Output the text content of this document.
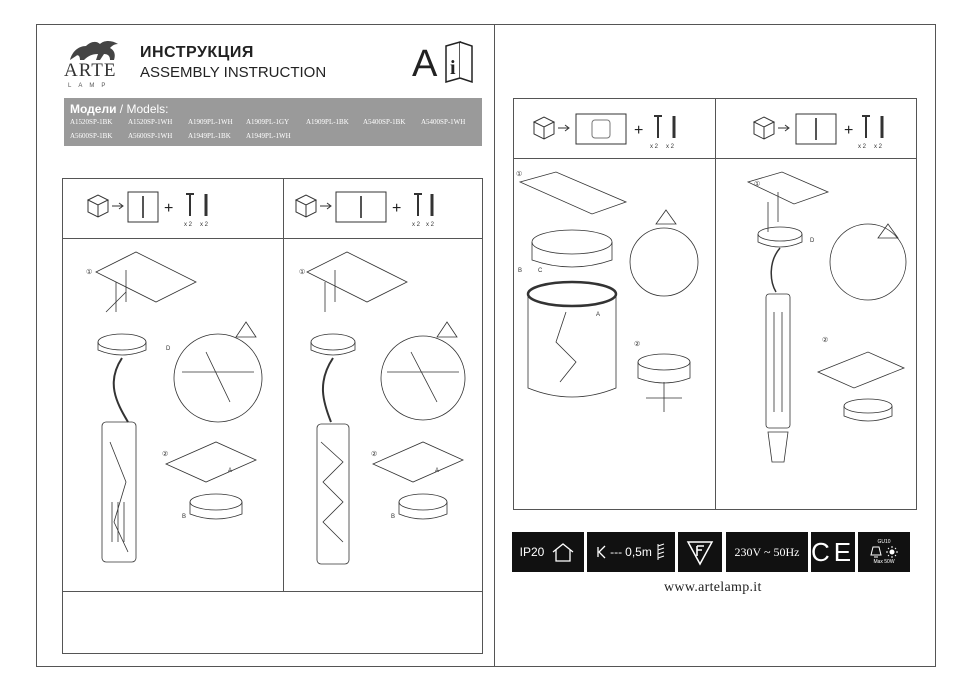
ARTE
LAMP
ИНСТРУКЦИЯ
ASSEMBLY INSTRUCTION A i
Модели / Models:
A1520SP-1BK A1520SP-1WH A1909PL-1WH A1909PL-1GY A1909PL-1BK A5400SP-1BK A5400SP-1WH
A5600SP-1BK A5600SP-1WH A1949PL-1BK A1949PL-1WH
+
x 2 x 2
+
x 2 x 2
+
x 2 x 2
+
x 2 x 2
①
②
D
A
B
①
②
A
B
①
②
B	C
A
①
②
D
IP20	--- 0,5m	230V ~ 50Hz CE	GU10
Max 50W
www.artelamp.it
